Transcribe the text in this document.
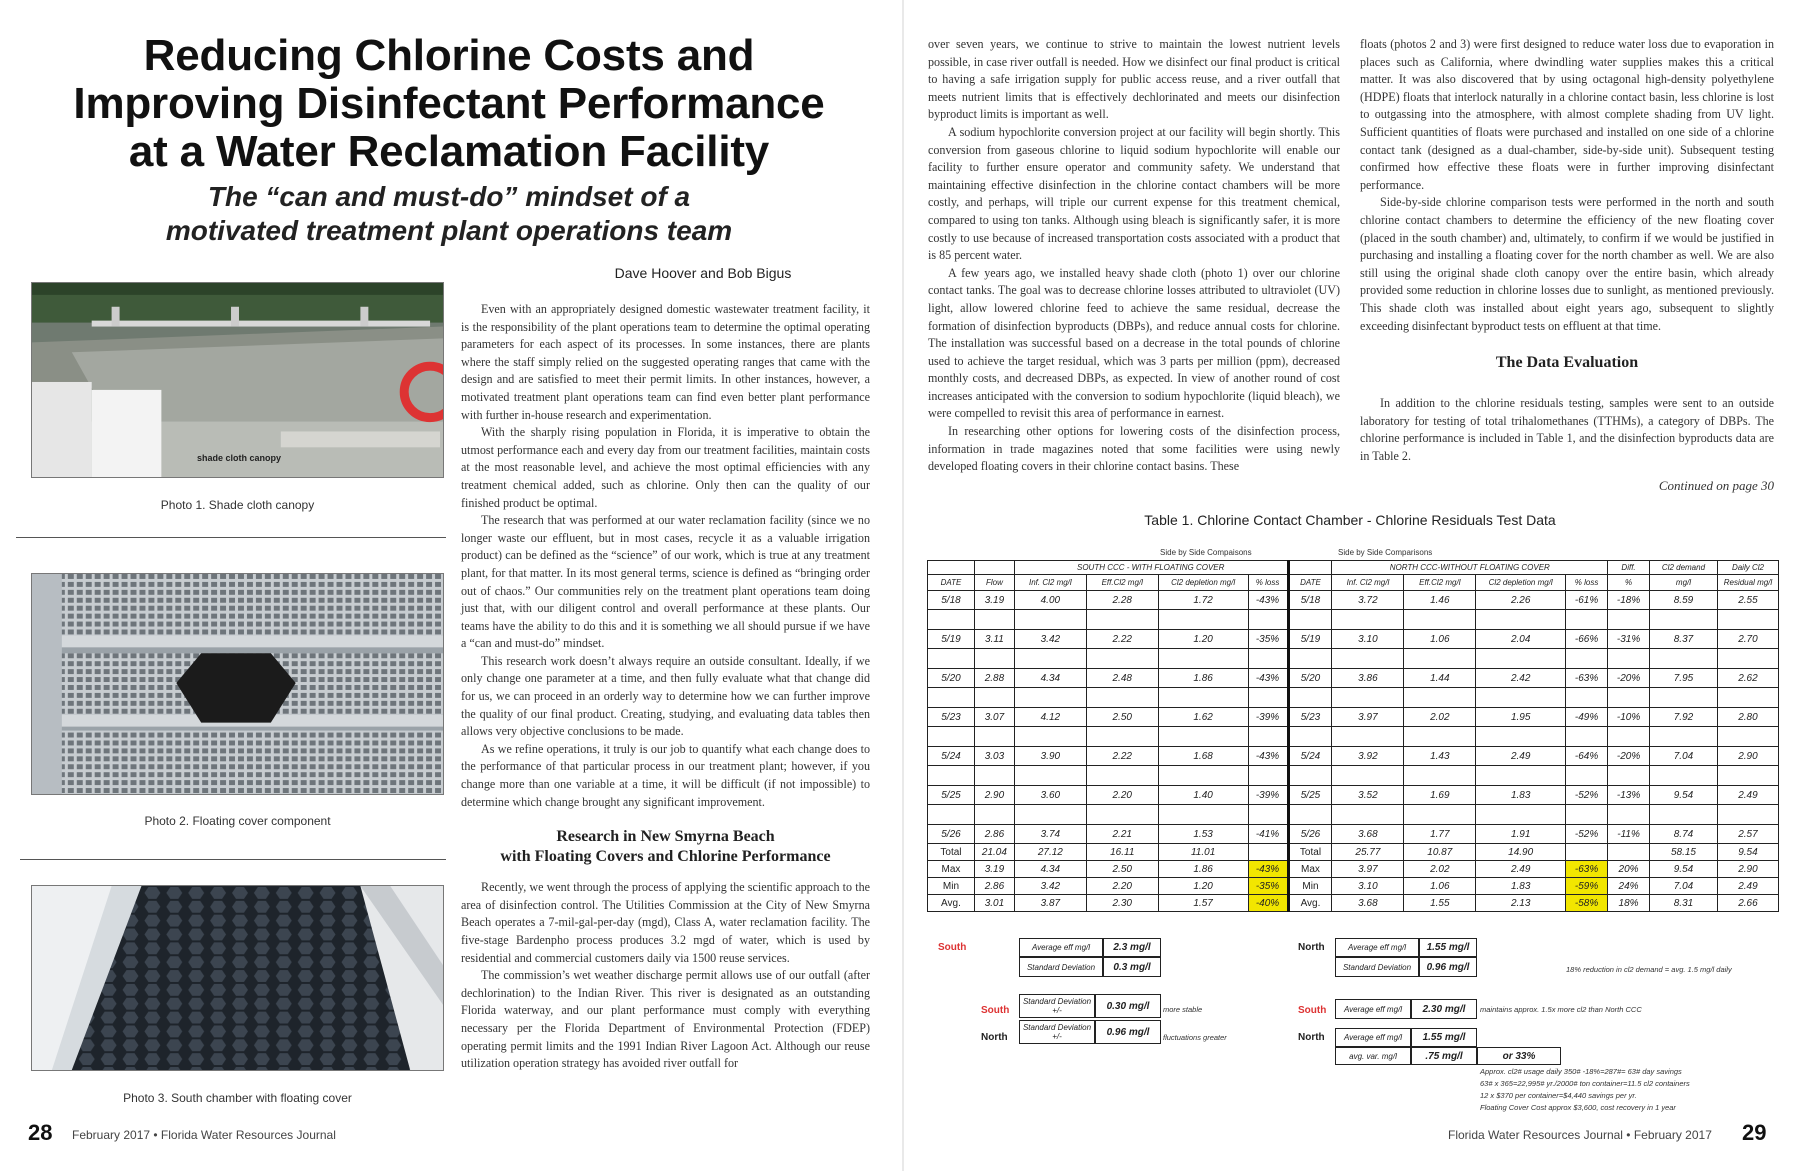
Reducing Chlorine Costs and
Improving Disinfectant Performance
at a Water Reclamation Facility
The “can and must-do” mindset of a
motivated treatment plant operations team
Dave Hoover and Bob Bigus
shade cloth canopy
Photo 1. Shade cloth canopy
Photo 2. Floating cover component
Photo 3. South chamber with floating cover

Even with an appropriately designed domestic wastewater treatment facility, it is the responsibility of the plant operations team to determine the optimal operating parameters for each aspect of its processes. In some instances, there are plants where the staff simply relied on the suggested operating ranges that came with the design and are satisfied to meet their permit limits. In other instances, however, a motivated treatment plant operations team can find even better plant performance with further in-house research and experimentation.

With the sharply rising population in Florida, it is imperative to obtain the utmost performance each and every day from our treatment facilities, maintain costs at the most reasonable level, and achieve the most optimal efficiencies with any treatment chemical added, such as chlorine. Only then can the quality of our finished product be optimal.

The research that was performed at our water reclamation facility (since we no longer waste our effluent, but in most cases, recycle it as a valuable irrigation product) can be defined as the “science” of our work, which is true at any treatment plant, for that matter. In its most general terms, science is defined as “bringing order out of chaos.” Our communities rely on the treatment plant operations team doing just that, with our diligent control and overall performance at these plants. Our teams have the ability to do this and it is something we all should pursue if we have a “can and must-do” mindset.

This research work doesn’t always require an outside consultant. Ideally, if we only change one parameter at a time, and then fully evaluate what that change did for us, we can proceed in an orderly way to determine how we can further improve the quality of our final product. Creating, studying, and evaluating data tables then allows very objective conclusions to be made.

As we refine operations, it truly is our job to quantify what each change does to the performance of that particular process in our treatment plant; however, if you change more than one variable at a time, it will be difficult (if not impossible) to determine which change brought any significant improvement.

Research in New Smyrna Beach
with Floating Covers and Chlorine Performance

Recently, we went through the process of applying the scientific approach to the area of disinfection control. The Utilities Commission at the City of New Smyrna Beach operates a 7-mil-gal-per-day (mgd), Class A, water reclamation facility. The five-stage Bardenpho process produces 3.2 mgd of water, which is used by residential and commercial customers daily via 1500 reuse services.

The commission’s wet weather discharge permit allows use of our outfall (after dechlorination) to the Indian River. This river is designated as an outstanding Florida waterway, and our plant performance must comply with everything necessary per the Florida Department of Environmental Protection (FDEP) operating permit limits and the 1991 Indian River Lagoon Act. Although our reuse utilization operation strategy has avoided river outfall for

28 February 2017 • Florida Water Resources Journal

over seven years, we continue to strive to maintain the lowest nutrient levels possible, in case river outfall is needed. How we disinfect our final product is critical to having a safe irrigation supply for public access reuse, and a river outfall that meets nutrient limits that is effectively dechlorinated and meets our disinfection byproduct limits is important as well.

A sodium hypochlorite conversion project at our facility will begin shortly. This conversion from gaseous chlorine to liquid sodium hypochlorite will enable our facility to further ensure operator and community safety. We understand that maintaining effective disinfection in the chlorine contact chambers will be more costly, and perhaps, will triple our current expense for this treatment chemical, compared to using ton tanks. Although using bleach is significantly safer, it is more costly to use because of increased transportation costs associated with a product that is 85 percent water.

A few years ago, we installed heavy shade cloth (photo 1) over our chlorine contact tanks. The goal was to decrease chlorine losses attributed to ultraviolet (UV) light, allow lowered chlorine feed to achieve the same residual, decrease the formation of disinfection byproducts (DBPs), and reduce annual costs for chlorine. The installation was successful based on a decrease in the total pounds of chlorine used to achieve the target residual, which was 3 parts per million (ppm), decreased monthly costs, and decreased DBPs, as expected. In view of another round of cost increases anticipated with the conversion to sodium hypochlorite (liquid bleach), we were compelled to revisit this area of performance in earnest.

In researching other options for lowering costs of the disinfection process, information in trade magazines noted that some facilities were using newly developed floating covers in their chlorine contact basins. These

floats (photos 2 and 3) were first designed to reduce water loss due to evaporation in places such as California, where dwindling water supplies makes this a critical matter. It was also discovered that by using octagonal high-density polyethylene (HDPE) floats that interlock naturally in a chlorine contact basin, less chlorine is lost to outgassing into the atmosphere, with almost complete shading from UV light. Sufficient quantities of floats were purchased and installed on one side of a chlorine contact tank (designed as a dual-chamber, side-by-side unit). Subsequent testing confirmed how effective these floats were in further improving disinfectant performance.

Side-by-side chlorine comparison tests were performed in the north and south chlorine contact chambers to determine the efficiency of the new floating cover (placed in the south chamber) and, ultimately, to confirm if we would be justified in purchasing and installing a floating cover for the north chamber as well. We are also still using the original shade cloth canopy over the entire basin, which already provided some reduction in chlorine losses due to sunlight, as mentioned previously. This shade cloth was installed about eight years ago, subsequent to slightly exceeding disinfectant byproduct tests on effluent at that time.

The Data Evaluation

In addition to the chlorine residuals testing, samples were sent to an outside laboratory for testing of total trihalomethanes (TTHMs), a category of DBPs. The chlorine performance is included in Table 1, and the disinfection byproducts data are in Table 2.

Continued on page 30

Table 1. Chlorine Contact Chamber - Chlorine Residuals Test Data
Side by Side Compaisons	Side by Side Comparisons
		SOUTH CCC - WITH FLOATING COVER					NORTH CCC-WITHOUT FLOATING COVER				Diff.	Cl2 demand	Daily Cl2
DATE	Flow	Inf. Cl2 mg/l	Eff.Cl2 mg/l	Cl2 depletion mg/l	% loss	DATE	Inf. Cl2 mg/l	Eff.Cl2 mg/l	Cl2 depletion mg/l	% loss	%	mg/l	Residual mg/l
5/18	3.19	4.00	2.28	1.72	-43%	5/18	3.72	1.46	2.26	-61%	-18%	8.59	2.55

5/19	3.11	3.42	2.22	1.20	-35%	5/19	3.10	1.06	2.04	-66%	-31%	8.37	2.70

5/20	2.88	4.34	2.48	1.86	-43%	5/20	3.86	1.44	2.42	-63%	-20%	7.95	2.62

5/23	3.07	4.12	2.50	1.62	-39%	5/23	3.97	2.02	1.95	-49%	-10%	7.92	2.80

5/24	3.03	3.90	2.22	1.68	-43%	5/24	3.92	1.43	2.49	-64%	-20%	7.04	2.90

5/25	2.90	3.60	2.20	1.40	-39%	5/25	3.52	1.69	1.83	-52%	-13%	9.54	2.49

5/26	2.86	3.74	2.21	1.53	-41%	5/26	3.68	1.77	1.91	-52%	-11%	8.74	2.57
Total	21.04	27.12	16.11	11.01		Total	25.77	10.87	14.90			58.15	9.54
Max	3.19	4.34	2.50	1.86	-43%	Max	3.97	2.02	2.49	-63%	20%	9.54	2.90
Min	2.86	3.42	2.20	1.20	-35%	Min	3.10	1.06	1.83	-59%	24%	7.04	2.49
Avg.	3.01	3.87	2.30	1.57	-40%	Avg.	3.68	1.55	2.13	-58%	18%	8.31	2.66
South	Average eff mg/l	2.3 mg/l
Standard Deviation	0.3 mg/l
North	Average eff mg/l	1.55 mg/l
Standard Deviation	0.96 mg/l	18% reduction in cl2 demand = avg. 1.5 mg/l daily
South
Standard Deviation +/-	0.30 mg/l	more stable
North
Standard Deviation +/-	0.96 mg/l	fluctuations greater
South	Average eff mg/l	2.30 mg/l	maintains approx. 1.5x more cl2 than North CCC
North	Average eff mg/l	1.55 mg/l
avg. var. mg/l	.75 mg/l	or 33%
Approx. cl2# usage daily 350# -18%=287#= 63# day savings
63# x 365=22,995# yr./2000# ton container=11.5 cl2 containers
12 x $370 per container=$4,440 savings per yr.
Floating Cover Cost approx $3,600, cost recovery in 1 year
Florida Water Resources Journal • February 2017 29
